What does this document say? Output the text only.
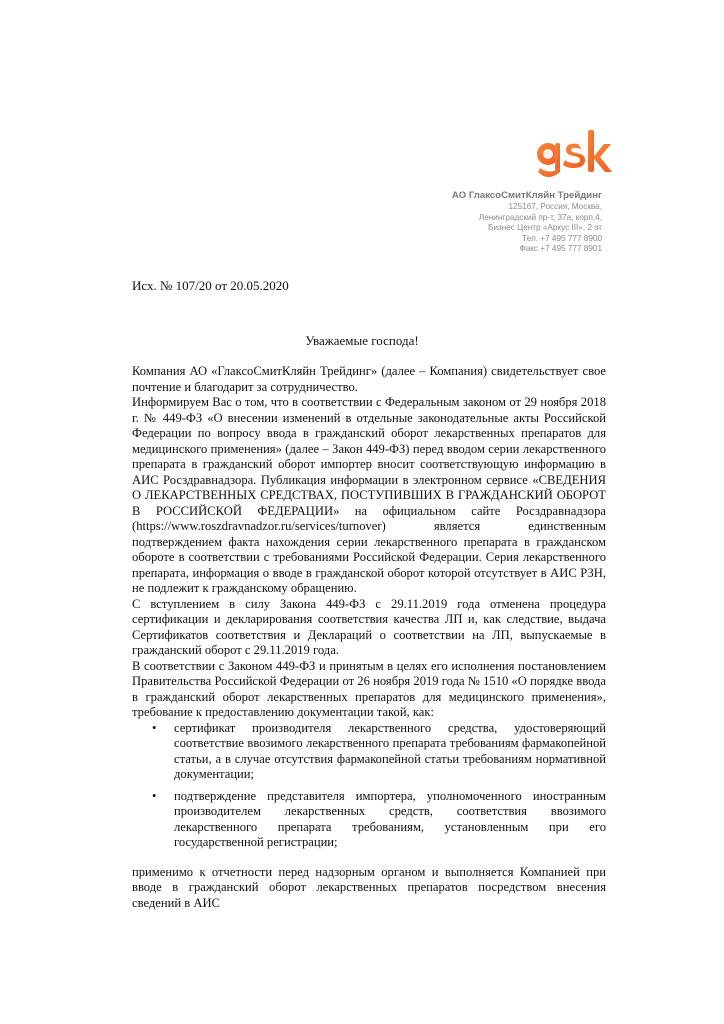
АО ГлаксоСмитКляйн Трейдинг
125167, Россия, Москва,
Ленинградский пр-т, 37а, корп.4,
Бизнес Центр «Аркус III», 2 эт
Тел. +7 495 777 8900
Факс +7 495 777 8901
Исх. № 107/20 от 20.05.2020
Уважаемые господа!

Компания АО «ГлаксоСмитКляйн Трейдинг» (далее – Компания) свидетельствует свое почтение и благодарит за сотрудничество.

Информируем Вас о том, что в соответствии с Федеральным законом от 29 ноября 2018 г. № 449-ФЗ «О внесении изменений в отдельные законодательные акты Российской Федерации по вопросу ввода в гражданский оборот лекарственных препаратов для медицинского применения» (далее – Закон 449-ФЗ) перед вводом серии лекарственного препарата в гражданский оборот импортер вносит соответствующую информацию в АИС Росздравнадзора. Публикация информации в электронном сервисе «СВЕДЕНИЯ О ЛЕКАРСТВЕННЫХ СРЕДСТВАХ, ПОСТУПИВШИХ В ГРАЖДАНСКИЙ ОБОРОТ В РОССИЙСКОЙ ФЕДЕРАЦИИ» на официальном сайте Росздравнадзора (https://www.roszdravnadzor.ru/services/turnover) является единственным подтверждением факта нахождения серии лекарственного препарата в гражданском обороте в соответствии с требованиями Российской Федерации. Серия лекарственного препарата, информация о вводе в гражданской оборот которой отсутствует в АИС РЗН, не подлежит к гражданскому обращению.

С вступлением в силу Закона 449-ФЗ с 29.11.2019 года отменена процедура сертификации и декларирования соответствия качества ЛП и, как следствие, выдача Сертификатов соответствия и Деклараций о соответствии на ЛП, выпускаемые в гражданский оборот с 29.11.2019 года.

В соответствии с Законом 449-ФЗ и принятым в целях его исполнения постановлением Правительства Российской Федерации от 26 ноября 2019 года № 1510 «О порядке ввода в гражданский оборот лекарственных препаратов для медицинского применения», требование к предоставлению документации такой, как:

• сертификат производителя лекарственного средства, удостоверяющий соответствие ввозимого лекарственного препарата требованиям фармакопейной статьи, а в случае отсутствия фармакопейной статьи требованиям нормативной документации;
• подтверждение представителя импортера, уполномоченного иностранным производителем лекарственных средств, соответствия ввозимого лекарственного препарата требованиям, установленным при его государственной регистрации;

применимо к отчетности перед надзорным органом и выполняется Компанией при вводе в гражданский оборот лекарственных препаратов посредством внесения сведений в АИС
